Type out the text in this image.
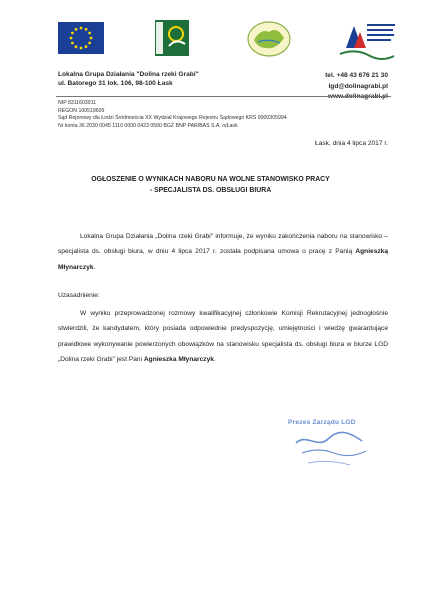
Lokalna Grupa Działania "Dolina rzeki Grabi"
ul. Batorego 31 lok. 106, 98-100 Łask
tel. +48 43 676 21 30
lgd@dolinagrabi.pl
NIP 8311603911
REGON 100519609
Sąd Rejonowy dla Łodzi Śródmieścia XX Wydział Krajowego Rejestru Sądowego KRS 0000305994
Nr konta 36 2030 0045 1110 0000 0423 0500 BGŻ BNP PARIBAS S.A. o/Łask
Łask, dnia 4 lipca 2017 r.
OGŁOSZENIE O WYNIKACH NABORU NA WOLNE STANOWISKO PRACY
- SPECJALISTA DS. OBSŁUGI BIURA
Lokalna Grupa Działania „Dolina rzeki Grabi" informuje, że wyniku zakończenia naboru na stanowisko – specjalista ds. obsługi biura, w dniu 4 lipca 2017 r. została podpisana umowa o pracę z Panią Agnieszką Młynarczyk.
Uzasadnienie:
W wyniku przeprowadzonej rozmowy kwalifikacyjnej członkowie Komisji Rekrutacyjnej jednogłośnie stwierdzili, że kandydatem, który posiada odpowiednie predyspozycję, umiejętności i wiedzę gwarantujące prawidłowe wykonywanie powierzonych obowiązków na stanowisku specjalista ds. obsługi biura w biurze LGD „Dolina rzeki Grabi" jest Pani Agnieszka Młynarczyk.
Prezes Zarządu LGD
